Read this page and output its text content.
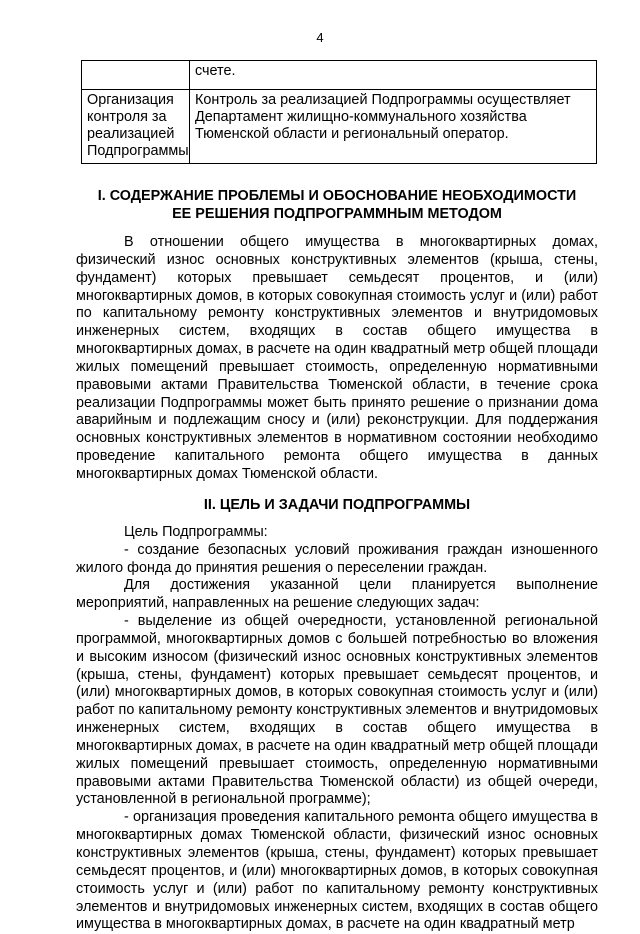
4
	счете.
Организация контроля за реализацией Подпрограммы	Контроль за реализацией Подпрограммы осуществляет Департамент жилищно-коммунального хозяйства Тюменской области и региональный оператор.
I. СОДЕРЖАНИЕ ПРОБЛЕМЫ И ОБОСНОВАНИЕ НЕОБХОДИМОСТИ
ЕЕ РЕШЕНИЯ ПОДПРОГРАММНЫМ МЕТОДОМ

В отношении общего имущества в многоквартирных домах, физический износ основных конструктивных элементов (крыша, стены, фундамент) которых превышает семьдесят процентов, и (или) многоквартирных домов, в которых совокупная стоимость услуг и (или) работ по капитальному ремонту конструктивных элементов и внутридомовых инженерных систем, входящих в состав общего имущества в многоквартирных домах, в расчете на один квадратный метр общей площади жилых помещений превышает стоимость, определенную нормативными правовыми актами Правительства Тюменской области, в течение срока реализации Подпрограммы может быть принято решение о признании дома аварийным и подлежащим сносу и (или) реконструкции. Для поддержания основных конструктивных элементов в нормативном состоянии необходимо проведение капитального ремонта общего имущества в данных многоквартирных домах Тюменской области.

II. ЦЕЛЬ И ЗАДАЧИ ПОДПРОГРАММЫ

Цель Подпрограммы:

- создание безопасных условий проживания граждан изношенного жилого фонда до принятия решения о переселении граждан.

Для достижения указанной цели планируется выполнение мероприятий, направленных на решение следующих задач:

- выделение из общей очередности, установленной региональной программой, многоквартирных домов с большей потребностью во вложения и высоким износом (физический износ основных конструктивных элементов (крыша, стены, фундамент) которых превышает семьдесят процентов, и (или) многоквартирных домов, в которых совокупная стоимость услуг и (или) работ по капитальному ремонту конструктивных элементов и внутридомовых инженерных систем, входящих в состав общего имущества в многоквартирных домах, в расчете на один квадратный метр общей площади жилых помещений превышает стоимость, определенную нормативными правовыми актами Правительства Тюменской области) из общей очереди, установленной в региональной программе);

- организация проведения капитального ремонта общего имущества в многоквартирных домах Тюменской области, физический износ основных конструктивных элементов (крыша, стены, фундамент) которых превышает семьдесят процентов, и (или) многоквартирных домов, в которых совокупная стоимость услуг и (или) работ по капитальному ремонту конструктивных элементов и внутридомовых инженерных систем, входящих в состав общего имущества в многоквартирных домах, в расчете на один квадратный метр
